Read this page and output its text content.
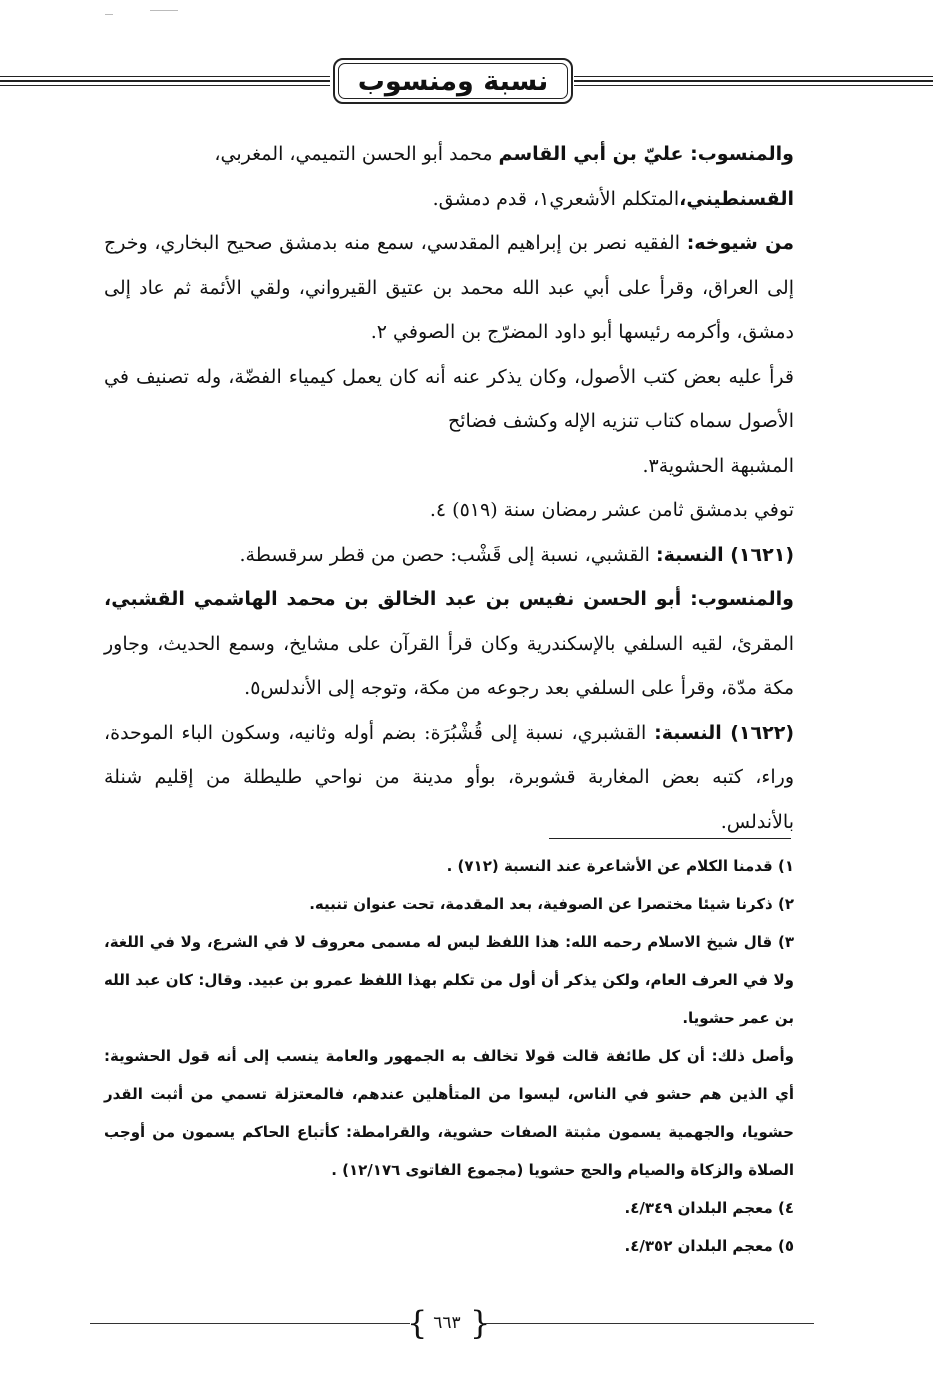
نسبة ومنسوب

والمنسوب: عليّ بن أبي القاسم محمد أبو الحسن التميمي، المغربي،

القسنطيني،المتكلم الأشعري١، قدم دمشق.

من شيوخه: الفقيه نصر بن إبراهيم المقدسي، سمع منه بدمشق صحيح البخاري، وخرج إلى العراق، وقرأ على أبي عبد الله محمد بن عتيق القيرواني، ولقي الأئمة ثم عاد إلى دمشق، وأكرمه رئيسها أبو داود المضرّج بن الصوفي ٢.

قرأ عليه بعض كتب الأصول، وكان يذكر عنه أنه كان يعمل كيمياء الفضّة، وله تصنيف في الأصول سماه كتاب تنزيه الإله وكشف فضائح

المشبهة الحشوية٣.

توفي بدمشق ثامن عشر رمضان سنة (٥١٩) ٤.

(١٦٢١) النسبة: القشبي، نسبة إلى قَشْب: حصن من قطر سرقسطة.

والمنسوب: أبو الحسن نفيس بن عبد الخالق بن محمد الهاشمي القشبي، المقرئ، لقيه السلفي بالإسكندرية وكان قرأ القرآن على مشايخ، وسمع الحديث، وجاور مكة مدّة، وقرأ على السلفي بعد رجوعه من مكة، وتوجه إلى الأندلس٥.

(١٦٢٢) النسبة: القشبري، نسبة إلى قُشْبُرَة: بضم أوله وثانيه، وسكون الباء الموحدة، وراء، كتبه بعض المغاربة قشوبرة، بوأو مدينة من نواحي طليطلة من إقليم شنلة بالأندلس.

١) قدمنا الكلام عن الأشاعرة عند النسبة (٧١٢) .

٢) ذكرنا شيئا مختصرا عن الصوفية، بعد المقدمة، تحت عنوان تنبيه.

٣) قال شيخ الاسلام رحمه الله: هذا اللفظ ليس له مسمى معروف لا في الشرع، ولا في اللغة، ولا في العرف العام، ولكن يذكر أن أول من تكلم بهذا اللفظ عمرو بن عبيد. وقال: كان عبد الله بن عمر حشويا.

وأصل ذلك: أن كل طائفة قالت قولا تخالف به الجمهور والعامة ينسب إلى أنه قول الحشوية: أي الذين هم حشو في الناس، ليسوا من المتأهلين عندهم، فالمعتزلة تسمي من أثبت القدر حشويا، والجهمية يسمون مثبتة الصفات حشوية، والقرامطة: كأتباع الحاكم يسمون من أوجب الصلاة والزكاة والصيام والحج حشويا (مجموع الفاتوى ١٢/١٧٦) .

٤) معجم البلدان ٤/٣٤٩.

٥) معجم البلدان ٤/٣٥٢.

} ٦٦٣ {
